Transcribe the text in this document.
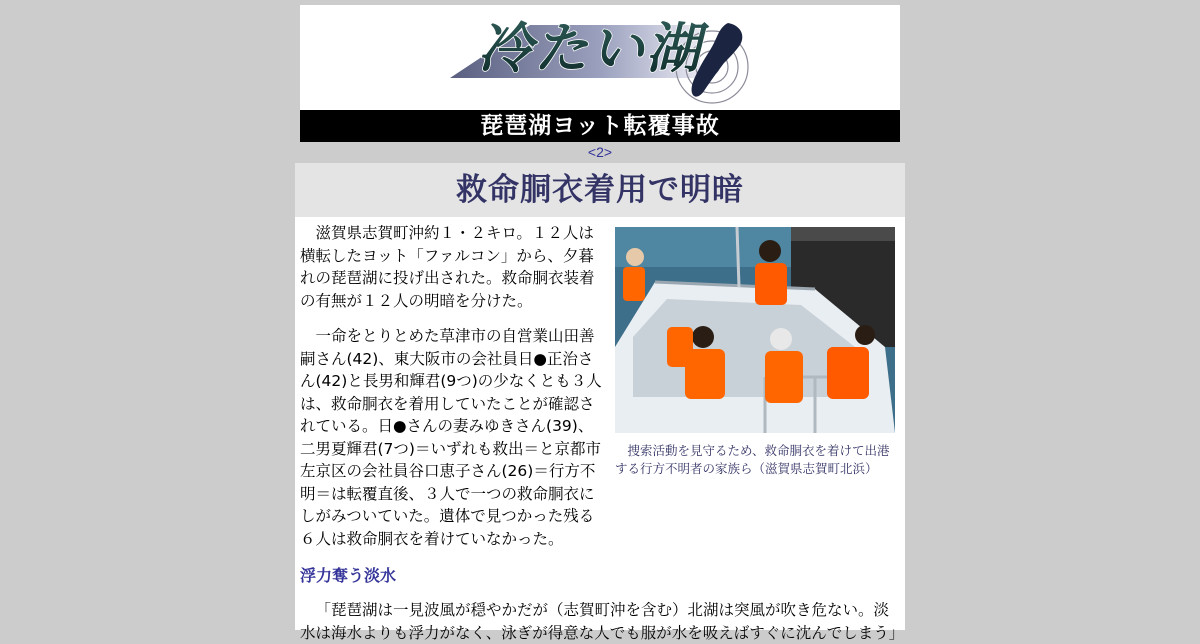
冷たい湖
琵琶湖ヨット転覆事故
<2>
救命胴衣着用で明暗

捜索活動を見守るため、救命胴衣を着けて出港する行方不明者の家族ら（滋賀県志賀町北浜）

滋賀県志賀町沖約１・２キロ。１２人は横転したヨット「ファルコン」から、夕暮れの琵琶湖に投げ出された。救命胴衣装着の有無が１２人の明暗を分けた。

一命をとりとめた草津市の自営業山田善嗣さん(42)、東大阪市の会社員日●正治さん(42)と長男和輝君(9つ)の少なくとも３人は、救命胴衣を着用していたことが確認されている。日●さんの妻みゆきさん(39)、二男夏輝君(7つ)＝いずれも救出＝と京都市左京区の会社員谷口恵子さん(26)＝行方不明＝は転覆直後、３人で一つの救命胴衣にしがみついていた。遺体で見つかった残る６人は救命胴衣を着けていなかった。

浮力奪う淡水

「琵琶湖は一見波風が穏やかだが（志賀町沖を含む）北湖は突風が吹き危ない。淡水は海水よりも浮力がなく、泳ぎが得意な人でも服が水を吸えばすぐに沈んでしまう」
